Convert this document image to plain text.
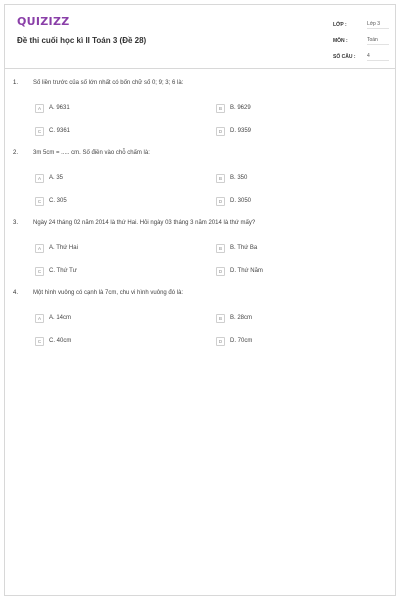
QUIZIZZ
Đề thi cuối học kì II Toán 3 (Đề 28)
LỚP :	Lớp 3
MÔN :	Toán
SỐ CÂU :	4
1. Số liền trước của số lớn nhất có bốn chữ số 0; 9; 3; 6 là:
A	A. 9631	B	B. 9629
C	C. 9361	D	D. 9359
2. 3m 5cm = ..... cm. Số điền vào chỗ chấm là:
A	A. 35	B	B. 350
C	C. 305	D	D. 3050
3. Ngày 24 tháng 02 năm 2014 là thứ Hai. Hỏi ngày 03 tháng 3 năm 2014 là thứ mấy?
A	A. Thứ Hai	B	B. Thứ Ba
C	C. Thứ Tư	D	D. Thứ Năm
4. Một hình vuông có cạnh là 7cm, chu vi hình vuông đó là:
A	A. 14cm	B	B. 28cm
C	C. 40cm	D	D. 70cm
